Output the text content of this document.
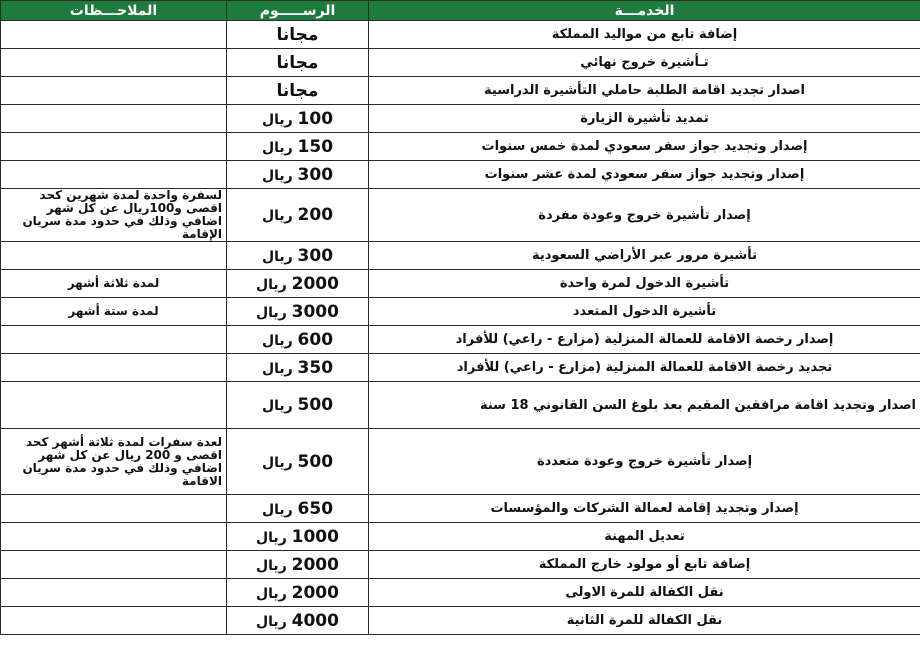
الخدمـــة	الرســـــوم	الملاحـــظات
إضافة تابع من مواليد المملكة	مجانا	
تـأشيرة خروج نهائي	مجانا	
اصدار تجديد اقامة الطلبة حاملي التأشيرة الدراسية	مجانا	
تمديد تأشيرة الزيارة	100 ريال	
إصدار وتجديد جواز سفر سعودي لمدة خمس سنوات	150 ريال	
إصدار وتجديد جواز سفر سعودي لمدة عشر سنوات	300 ريال	
إصدار تأشيرة خروج وعودة مفردة	200 ريال	لسفرة واحدة لمدة شهرين كحد اقصى و100ريال عن كل شهر اضافي وذلك في حدود مدة سريان الإقامة
تأشيرة مرور عبر الأراضي السعودية	300 ريال	
تأشيرة الدخول لمرة واحدة	2000 ريال	لمدة ثلاثة أشهر
تأشيرة الدخول المتعدد	3000 ريال	لمدة ستة أشهر
إصدار رخصة الاقامة للعمالة المنزلية (مزارع - راعي) للأفراد	600 ريال	
تجديد رخصة الاقامة للعمالة المنزلية (مزارع - راعي) للأفراد	350 ريال	
اصدار وتجديد اقامة مرافقين المقيم بعد بلوغ السن القانوني 18 سنة	500 ريال	
إصدار تأشيرة خروج وعودة متعددة	500 ريال	لعدة سفرات لمدة ثلاثة أشهر كحد اقصى و 200 ريال عن كل شهر اضافي وذلك في حدود مدة سريان الاقامة
إصدار وتجديد إقامة لعمالة الشركات والمؤسسات	650 ريال	
تعديل المهنة	1000 ريال	
إضافة تابع أو مولود خارج المملكة	2000 ريال	
نقل الكفالة للمرة الاولى	2000 ريال	
نقل الكفالة للمرة الثانية	4000 ريال	
